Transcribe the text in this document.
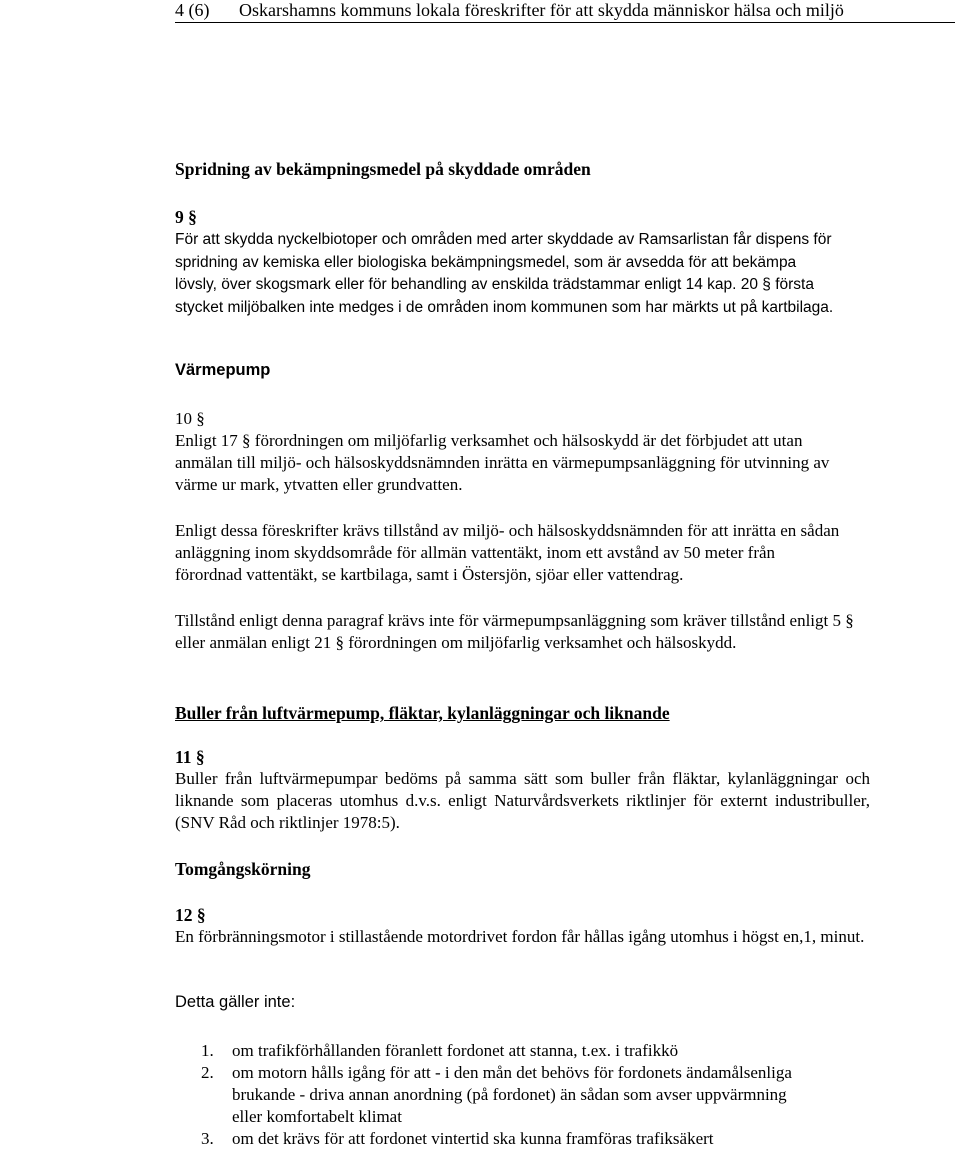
4 (6) Oskarshamns kommuns lokala föreskrifter för att skydda människor hälsa och miljö
Spridning av bekämpningsmedel på skyddade områden
9 §
För att skydda nyckelbiotoper och områden med arter skyddade av Ramsarlistan får dispens för spridning av kemiska eller biologiska bekämpningsmedel, som är avsedda för att bekämpa lövsly, över skogsmark eller för behandling av enskilda trädstammar enligt 14 kap. 20 § första stycket miljöbalken inte medges i de områden inom kommunen som har märkts ut på kartbilaga.
Värmepump
10 §
Enligt 17 § förordningen om miljöfarlig verksamhet och hälsoskydd är det förbjudet att utan anmälan till miljö- och hälsoskyddsnämnden inrätta en värmepumpsanläggning för utvinning av värme ur mark, ytvatten eller grundvatten.
Enligt dessa föreskrifter krävs tillstånd av miljö- och hälsoskyddsnämnden för att inrätta en sådan anläggning inom skyddsområde för allmän vattentäkt, inom ett avstånd av 50 meter från förordnad vattentäkt, se kartbilaga, samt i Östersjön, sjöar eller vattendrag.
Tillstånd enligt denna paragraf krävs inte för värmepumpsanläggning som kräver tillstånd enligt 5 § eller anmälan enligt 21 § förordningen om miljöfarlig verksamhet och hälsoskydd.
Buller från luftvärmepump, fläktar, kylanläggningar och liknande
11 §
Buller från luftvärmepumpar bedöms på samma sätt som buller från fläktar, kylanläggningar och liknande som placeras utomhus d.v.s. enligt Naturvårdsverkets riktlinjer för externt industribuller, (SNV Råd och riktlinjer 1978:5).
Tomgångskörning
12 §
En förbränningsmotor i stillastående motordrivet fordon får hållas igång utomhus i högst en,1, minut.
Detta gäller inte:
1. om trafikförhållanden föranlett fordonet att stanna, t.ex. i trafikkö
2. om motorn hålls igång för att - i den mån det behövs för fordonets ändamålsenliga brukande - driva annan anordning (på fordonet) än sådan som avser uppvärmning eller komfortabelt klimat
3. om det krävs för att fordonet vintertid ska kunna framföras trafiksäkert
